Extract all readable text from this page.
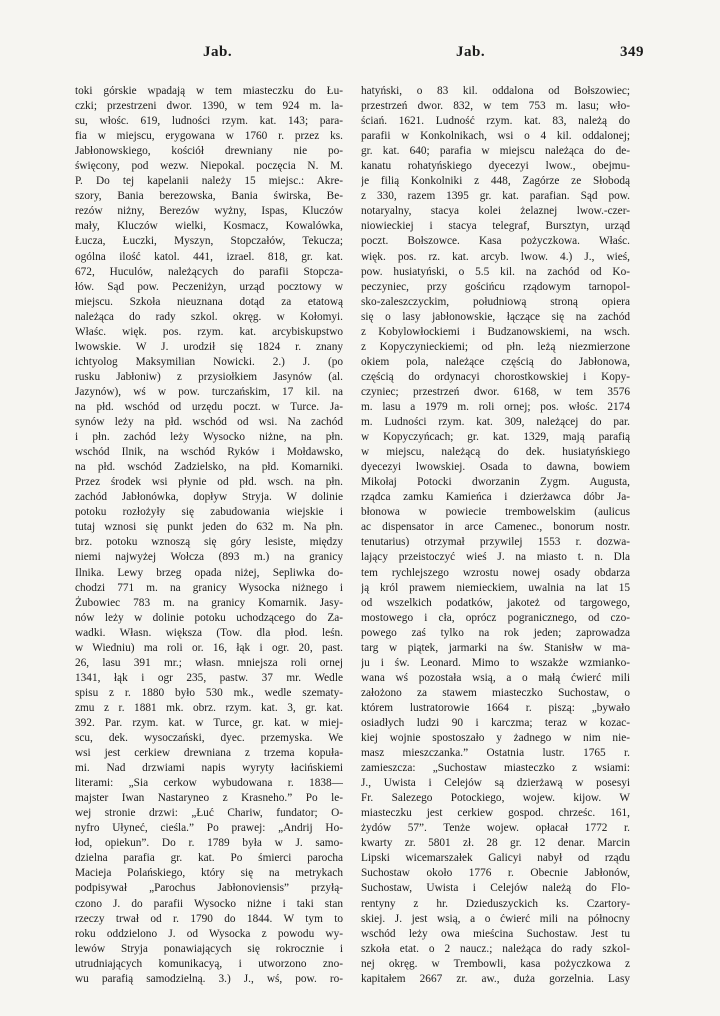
Jab.	Jab.	349
toki górskie wpadają w tem miasteczku do Łu-
czki; przestrzeni dwor. 1390, w tem 924 m. la-
su, włośc. 619, ludności rzym. kat. 143; para-
fia w miejscu, erygowana w 1760 r. przez ks.
Jabłonowskiego, kościół drewniany nie po-
święcony, pod wezw. Niepokal. poczęcia N. M.
P. Do tej kapelanii należy 15 miejsc.: Akre-
szory, Bania berezowska, Bania świrska, Be-
rezów niżny, Berezów wyżny, Ispas, Kluczów
mały, Kluczów wielki, Kosmacz, Kowalówka,
Łucza, Łuczki, Myszyn, Stopczałów, Tekucza;
ogólna ilość katol. 441, izrael. 818, gr. kat.
672, Huculów, należących do parafii Stopcza-
łów. Sąd pow. Peczeniżyn, urząd pocztowy w
miejscu. Szkoła nieuznana dotąd za etatową
należąca do rady szkol. okręg. w Kołomyi.
Właśc. więk. pos. rzym. kat. arcybiskupstwo
lwowskie. W J. urodził się 1824 r. znany
ichtyolog Maksymilian Nowicki. 2.) J. (po
rusku Jabłoniw) z przysiołkiem Jasynów (al.
Jazynów), wś w pow. turczańskim, 17 kil. na
na płd. wschód od urzędu poczt. w Turce. Ja-
synów leży na płd. wschód od wsi. Na zachód
i płn. zachód leży Wysocko niżne, na płn.
wschód Ilnik, na wschód Ryków i Mołdawsko,
na płd. wschód Zadzielsko, na płd. Komarniki.
Przez środek wsi płynie od płd. wsch. na płn.
zachód Jabłonówka, dopływ Stryja. W dolinie
potoku rozłożyły się zabudowania wiejskie i
tutaj wznosi się punkt jeden do 632 m. Na płn.
brz. potoku wznoszą się góry lesiste, między
niemi najwyżej Wołcza (893 m.) na granicy
Ilnika. Lewy brzeg opada niżej, Sepliwka do-
chodzi 771 m. na granicy Wysocka niżnego i
Żubowiec 783 m. na granicy Komarnik. Jasy-
nów leży w dolinie potoku uchodzącego do Za-
wadki. Własn. większa (Tow. dla płod. leśn.
w Wiedniu) ma roli or. 16, łąk i ogr. 20, past.
26, lasu 391 mr.; własn. mniejsza roli ornej
1341, łąk i ogr 235, pastw. 37 mr. Wedle
spisu z r. 1880 było 530 mk., wedle szematy-
zmu z r. 1881 mk. obrz. rzym. kat. 3, gr. kat.
392. Par. rzym. kat. w Turce, gr. kat. w miej-
scu, dek. wysoczański, dyec. przemyska. We
wsi jest cerkiew drewniana z trzema kopuła-
mi. Nad drzwiami napis wyryty łacińskiemi
literami: „Sia cerkow wybudowana r. 1838—
majster Iwan Nastaryneo z Krasneho.” Po le-
wej stronie drzwi: „Łuć Chariw, fundator; O-
nyfro Ułyneć, cieśla.” Po prawej: „Andrij Ho-
łod, opiekun”. Do r. 1789 była w J. samo-
dzielna parafia gr. kat. Po śmierci parocha
Macieja Polańskiego, który się na metrykach
podpisywał „Parochus Jabłonoviensis” przyłą-
czono J. do parafii Wysocko niżne i taki stan
rzeczy trwał od r. 1790 do 1844. W tym to
roku oddzielono J. od Wysocka z powodu wy-
lewów Stryja ponawiających się rokrocznie i
utrudniających komunikacyą, i utworzono zno-
wu parafią samodzielną. 3.) J., wś, pow. ro-
hatyński, o 83 kil. oddalona od Bołszowiec;
przestrzeń dwor. 832, w tem 753 m. lasu; wło-
ściań. 1621. Ludność rzym. kat. 83, należą do
parafii w Konkolnikach, wsi o 4 kil. oddalonej;
gr. kat. 640; parafia w miejscu należąca do de-
kanatu rohatyńskiego dyecezyi lwow., obejmu-
je filią Konkolniki z 448, Zagórze ze Słobodą
z 330, razem 1395 gr. kat. parafian. Sąd pow.
notaryalny, stacya kolei żelaznej lwow.-czer-
niowieckiej i stacya telegraf, Bursztyn, urząd
poczt. Bołszowce. Kasa pożyczkowa. Właśc.
więk. pos. rz. kat. arcyb. lwow. 4.) J., wieś,
pow. husiatyński, o 5.5 kil. na zachód od Ko-
peczyniec, przy gościńcu rządowym tarnopol-
sko-zaleszczyckim, południową stroną opiera
się o lasy jabłonowskie, łączące się na zachód
z Kobylowłockiemi i Budzanowskiemi, na wsch.
z Kopyczynieckiemi; od płn. leżą niezmierzone
okiem pola, należące częścią do Jabłonowa,
częścią do ordynacyi chorostkowskiej i Kopy-
czyniec; przestrzeń dwor. 6168, w tem 3576
m. lasu a 1979 m. roli ornej; pos. włośc. 2174
m. Ludności rzym. kat. 309, należącej do par.
w Kopyczyńcach; gr. kat. 1329, mają parafią
w miejscu, należącą do dek. husiatyńskiego
dyecezyi lwowskiej. Osada to dawna, bowiem
Mikołaj Potocki dworzanin Zygm. Augusta,
rządca zamku Kamieńca i dzierżawca dóbr Ja-
błonowa w powiecie trembowelskim (aulicus
ac dispensator in arce Camenec., bonorum nostr.
tenutarius) otrzymał przywilej 1553 r. dozwa-
lający przeistoczyć wieś J. na miasto t. n. Dla
tem rychlejszego wzrostu nowej osady obdarza
ją król prawem niemieckiem, uwalnia na lat 15
od wszelkich podatków, jakoteż od targowego,
mostowego i cła, oprócz pogranicznego, od czo-
powego zaś tylko na rok jeden; zaprowadza
targ w piątek, jarmarki na św. Stanisłw w ma-
ju i św. Leonard. Mimo to wszakże wzmianko-
wana wś pozostała wsią, a o małą ćwierć mili
założono za stawem miasteczko Suchostaw, o
którem lustratorowie 1664 r. piszą: „bywało
osiadłych ludzi 90 i karczma; teraz w kozac-
kiej wojnie spostoszało y żadnego w nim nie-
masz mieszczanka.” Ostatnia lustr. 1765 r.
zamieszcza: „Suchostaw miasteczko z wsiami:
J., Uwista i Celejów są dzierżawą w posesyi
Fr. Salezego Potockiego, wojew. kijow. W
miasteczku jest cerkiew gospod. chrześc. 161,
żydów 57”. Tenże wojew. opłacał 1772 r.
kwarty zr. 5801 zł. 28 gr. 12 denar. Marcin
Lipski wicemarszałek Galicyi nabył od rządu
Suchostaw około 1776 r. Obecnie Jabłonów,
Suchostaw, Uwista i Celejów należą do Flo-
rentyny z hr. Dzieduszyckich ks. Czartory-
skiej. J. jest wsią, a o ćwierć mili na północny
wschód leży owa mieścina Suchostaw. Jest tu
szkoła etat. o 2 naucz.; należąca do rady szkol-
nej okręg. w Trembowli, kasa pożyczkowa z
kapitałem 2667 zr. aw., duża gorzelnia. Lasy
